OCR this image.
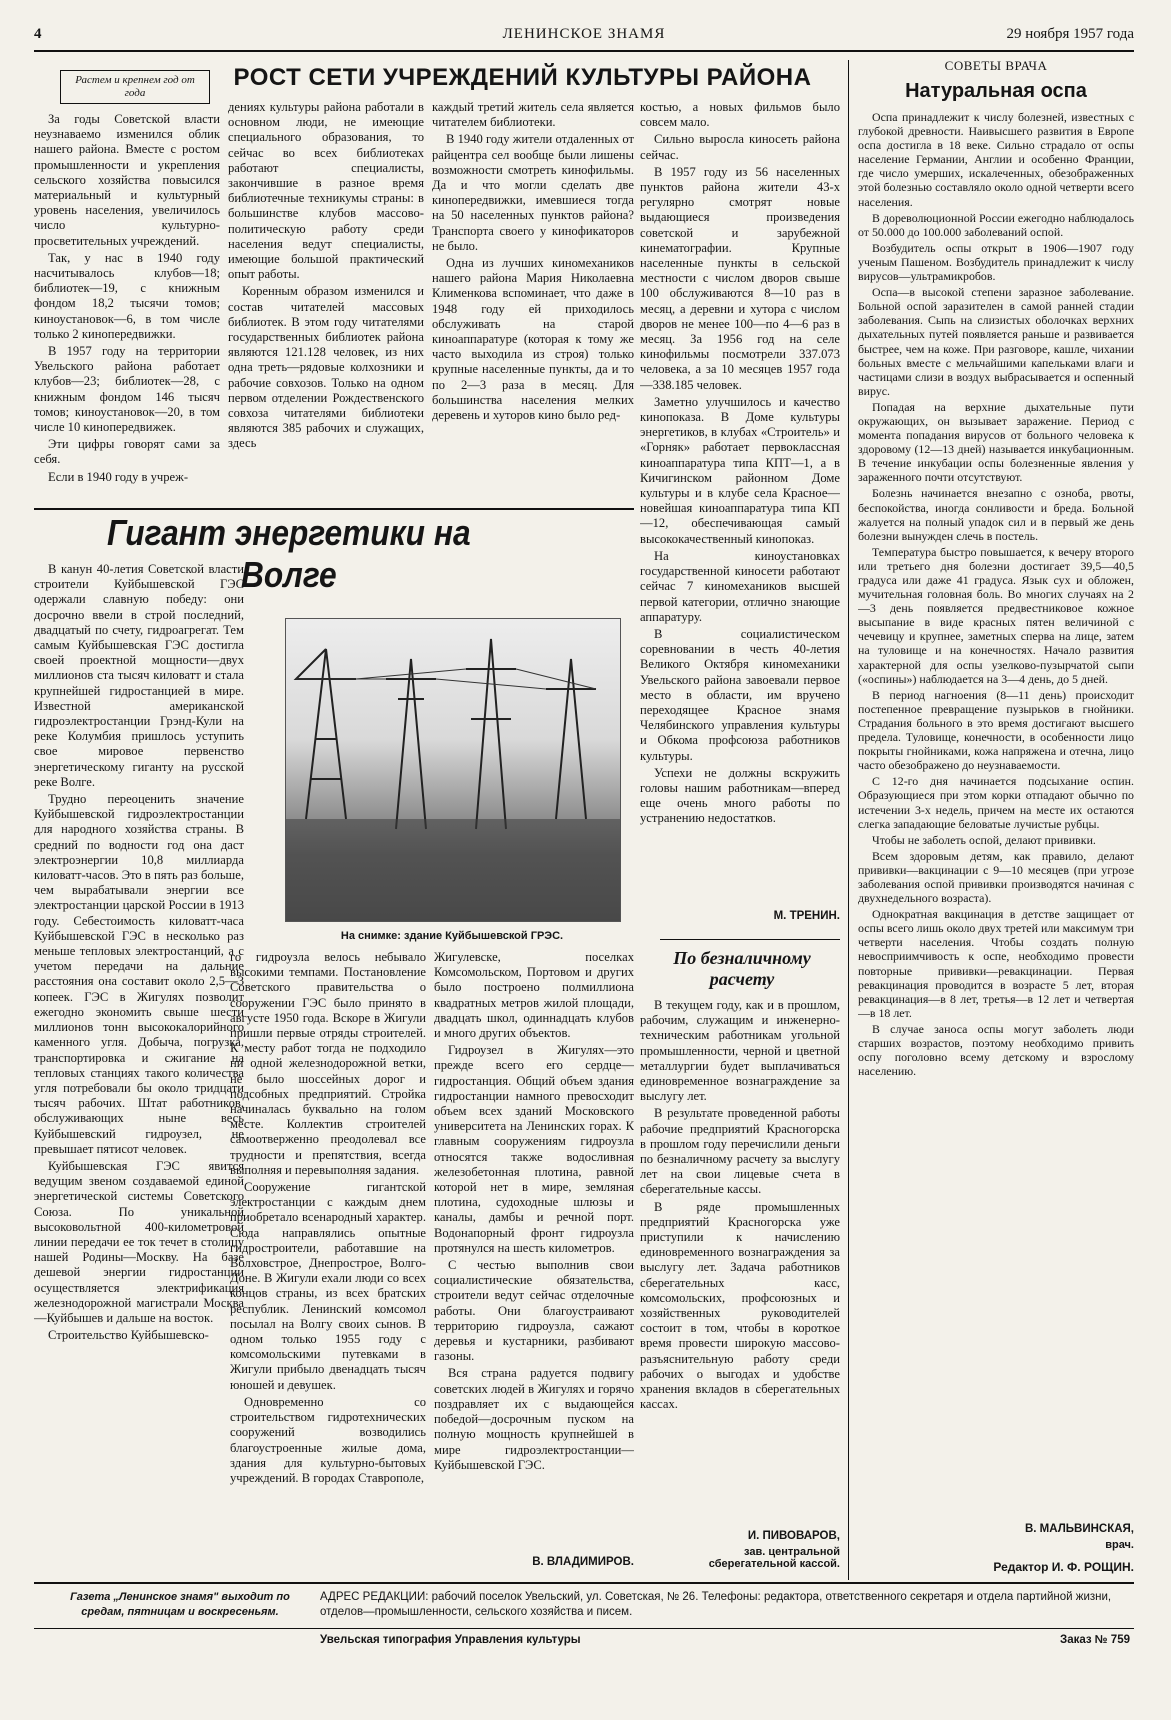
4	ЛЕНИНСКОЕ ЗНАМЯ	29 ноября 1957 года
Растем и крепнем год от года
РОСТ СЕТИ УЧРЕЖДЕНИЙ КУЛЬТУРЫ РАЙОНА

За годы Советской власти неузнаваемо изменился облик нашего района. Вместе с ростом промышленности и укрепления сельского хозяйства повысился материальный и культурный уровень населения, увеличилось число культурно-просветительных учреждений.

Так, у нас в 1940 году насчитывалось клубов—18; библиотек—19, с книжным фондом 18,2 тысячи томов; киноустановок—6, в том числе только 2 кинопередвижки.

В 1957 году на территории Увельского района работает клубов—23; библиотек—28, с книжным фондом 146 тысяч томов; киноустановок—20, в том числе 10 кинопередвижек.

Эти цифры говорят сами за себя.

Если в 1940 году в учреж-

дениях культуры района работали в основном люди, не имеющие специального образования, то сейчас во всех библиотеках работают специалисты, закончившие в разное время библиотечные техникумы страны: в большинстве клубов массово-политическую работу среди населения ведут специалисты, имеющие большой практический опыт работы.

Коренным образом изменился и состав читателей массовых библиотек. В этом году читателями государственных библиотек района являются 121.128 человек, из них одна треть—рядовые колхозники и рабочие совхозов. Только на одном первом отделении Рождественского совхоза читателями библиотеки являются 385 рабочих и служащих, здесь

каждый третий житель села является читателем библиотеки.

В 1940 году жители отдаленных от райцентра сел вообще были лишены возможности смотреть кинофильмы. Да и что могли сделать две кинопередвижки, имевшиеся тогда на 50 населенных пунктов района? Транспорта своего у кинофикаторов не было.

Одна из лучших киномехаников нашего района Мария Николаевна Клименкова вспоминает, что даже в 1948 году ей приходилось обслуживать на старой киноаппаратуре (которая к тому же часто выходила из строя) только крупные населенные пункты, да и то по 2—3 раза в месяц. Для большинства населения мелких деревень и хуторов кино было ред-

костью, а новых фильмов было совсем мало.

Сильно выросла киносеть района сейчас.

В 1957 году из 56 населенных пунктов района жители 43-х регулярно смотрят новые выдающиеся произведения советской и зарубежной кинематографии. Крупные населенные пункты в сельской местности с числом дворов свыше 100 обслуживаются 8—10 раз в месяц, а деревни и хутора с числом дворов не менее 100—по 4—6 раз в месяц. За 1956 год на селе кинофильмы посмотрели 337.073 человека, а за 10 месяцев 1957 года—338.185 человек.

Заметно улучшилось и качество кинопоказа. В Доме культуры энергетиков, в клубах «Строитель» и «Горняк» работает первоклассная киноаппаратура типа КПТ—1, а в Кичигинском районном Доме культуры и в клубе села Красное—новейшая киноаппаратура типа КП—12, обеспечивающая самый высококачественный кинопоказ.

На киноустановках государственной киносети работают сейчас 7 киномехаников высшей первой категории, отлично знающие аппаратуру.

В социалистическом соревновании в честь 40-летия Великого Октября киномеханики Увельского района завоевали первое место в области, им вручено переходящее Красное знамя Челябинского управления культуры и Обкома профсоюза работников культуры.

Успехи не должны вскружить головы нашим работникам—вперед еще очень много работы по устранению недостатков.

М. ТРЕНИН.
Гигант энергетики на Волге
На снимке: здание Куйбышевской ГРЭС.

В канун 40-летия Советской власти строители Куйбышевской ГЭС одержали славную победу: они досрочно ввели в строй последний, двадцатый по счету, гидроагрегат. Тем самым Куйбышевская ГЭС достигла своей проектной мощности—двух миллионов ста тысяч киловатт и стала крупнейшей гидростанцией в мире. Известной американской гидроэлектростанции Грэнд-Кули на реке Колумбия пришлось уступить свое мировое первенство энергетическому гиганту на русской реке Волге.

Трудно переоценить значение Куйбышевской гидроэлектростанции для народного хозяйства страны. В средний по водности год она даст электроэнергии 10,8 миллиарда киловатт-часов. Это в пять раз больше, чем вырабатывали энергии все электростанции царской России в 1913 году. Себестоимость киловатт-часа Куйбышевской ГЭС в несколько раз меньше тепловых электростанций, а с учетом передачи на дальние расстояния она составит около 2,5—3 копеек. ГЭС в Жигулях позволит ежегодно экономить свыше шести миллионов тонн высококалорийного каменного угля. Добыча, погрузка, транспортировка и сжигание на тепловых станциях такого количества угля потребовали бы около тридцати тысяч рабочих. Штат работников, обслуживающих ныне весь Куйбышевский гидроузел, не превышает пятисот человек.

Куйбышевская ГЭС явится ведущим звеном создаваемой единой энергетической системы Советского Союза. По уникальной высоковольтной 400-километровой линии передачи ее ток течет в столицу нашей Родины—Москву. На базе дешевой энергии гидростанции осуществляется электрификация железнодорожной магистрали Москва—Куйбышев и дальше на восток.

Строительство Куйбышевско-

го гидроузла велось небывало высокими темпами. Постановление Советского правительства о сооружении ГЭС было принято в августе 1950 года. Вскоре в Жигули пришли первые отряды строителей. К месту работ тогда не подходило ни одной железнодорожной ветки, не было шоссейных дорог и подсобных предприятий. Стройка начиналась буквально на голом месте. Коллектив строителей самоотверженно преодолевал все трудности и препятствия, всегда выполняя и перевыполняя задания.

Сооружение гигантской электростанции с каждым днем приобретало всенародный характер. Сюда направлялись опытные гидростроители, работавшие на Волховстрое, Днепрострое, Волго-Доне. В Жигули ехали люди со всех концов страны, из всех братских республик. Ленинский комсомол посылал на Волгу своих сынов. В одном только 1955 году с комсомольскими путевками в Жигули прибыло двенадцать тысяч юношей и девушек.

Одновременно со строительством гидротехнических сооружений возводились благоустроенные жилые дома, здания для культурно-бытовых учреждений. В городах Ставрополе,

Жигулевске, поселках Комсомольском, Портовом и других было построено полмиллиона квадратных метров жилой площади, двадцать школ, одиннадцать клубов и много других объектов.

Гидроузел в Жигулях—это прежде всего его сердце—гидростанция. Общий объем здания гидростанции намного превосходит объем всех зданий Московского университета на Ленинских горах. К главным сооружениям гидроузла относятся также водосливная железобетонная плотина, равной которой нет в мире, земляная плотина, судоходные шлюзы и каналы, дамбы и речной порт. Водонапорный фронт гидроузла протянулся на шесть километров.

С честью выполнив свои социалистические обязательства, строители ведут сейчас отделочные работы. Они благоустраивают территорию гидроузла, сажают деревья и кустарники, разбивают газоны.

Вся страна радуется подвигу советских людей в Жигулях и горячо поздравляет их с выдающейся победой—досрочным пуском на полную мощность крупнейшей в мире гидроэлектростанции—Куйбышевской ГЭС.

В. ВЛАДИМИРОВ.
По безналичному расчету

В текущем году, как и в прошлом, рабочим, служащим и инженерно-техническим работникам угольной промышленности, черной и цветной металлургии будет выплачиваться единовременное вознаграждение за выслугу лет.

В результате проведенной работы рабочие предприятий Красногорска в прошлом году перечислили деньги по безналичному расчету за выслугу лет на свои лицевые счета в сберегательные кассы.

В ряде промышленных предприятий Красногорска уже приступили к начислению единовременного вознаграждения за выслугу лет. Задача работников сберегательных касс, комсомольских, профсоюзных и хозяйственных руководителей состоит в том, чтобы в короткое время провести широкую массово-разъяснительную работу среди рабочих о выгодах и удобстве хранения вкладов в сберегательных кассах.

И. ПИВОВАРОВ,
зав. центральной сберегательной кассой.
СОВЕТЫ ВРАЧА
Натуральная оспа

Оспа принадлежит к числу болезней, известных с глубокой древности. Наивысшего развития в Европе оспа достигла в 18 веке. Сильно страдало от оспы население Германии, Англии и особенно Франции, где число умерших, искалеченных, обезображенных этой болезнью составляло около одной четверти всего населения.

В дореволюционной России ежегодно наблюдалось от 50.000 до 100.000 заболеваний оспой.

Возбудитель оспы открыт в 1906—1907 году ученым Пашеном. Возбудитель принадлежит к числу вирусов—ультрамикробов.

Оспа—в высокой степени заразное заболевание. Больной оспой заразителен в самой ранней стадии заболевания. Сыпь на слизистых оболочках верхних дыхательных путей появляется раньше и развивается быстрее, чем на коже. При разговоре, кашле, чихании больных вместе с мельчайшими капельками влаги и частицами слизи в воздух выбрасывается и оспенный вирус.

Попадая на верхние дыхательные пути окружающих, он вызывает заражение. Период с момента попадания вирусов от больного человека к здоровому (12—13 дней) называется инкубационным. В течение инкубации оспы болезненные явления у зараженного почти отсутствуют.

Болезнь начинается внезапно с озноба, рвоты, беспокойства, иногда сонливости и бреда. Больной жалуется на полный упадок сил и в первый же день болезни вынужден слечь в постель.

Температура быстро повышается, к вечеру второго или третьего дня болезни достигает 39,5—40,5 градуса или даже 41 градуса. Язык сух и обложен, мучительная головная боль. Во многих случаях на 2—3 день появляется предвестниковое кожное высыпание в виде красных пятен величиной с чечевицу и крупнее, заметных сперва на лице, затем на туловище и на конечностях. Начало развития характерной для оспы узелково-пузырчатой сыпи («оспины») наблюдается на 3—4 день, до 5 дней.

В период нагноения (8—11 день) происходит постепенное превращение пузырьков в гнойники. Страдания больного в это время достигают высшего предела. Туловище, конечности, в особенности лицо покрыты гнойниками, кожа напряжена и отечна, лицо часто обезображено до неузнаваемости.

С 12-го дня начинается подсыхание оспин. Образующиеся при этом корки отпадают обычно по истечении 3-х недель, причем на месте их остаются слегка западающие беловатые лучистые рубцы.

Чтобы не заболеть оспой, делают прививки.

Всем здоровым детям, как правило, делают прививки—вакцинации с 9—10 месяцев (при угрозе заболевания оспой прививки производятся начиная с двухнедельного возраста).

Однократная вакцинация в детстве защищает от оспы всего лишь около двух третей или максимум три четверти населения. Чтобы создать полную невосприимчивость к оспе, необходимо провести повторные прививки—ревакцинации. Первая ревакцинация проводится в возрасте 5 лет, вторая ревакцинация—в 8 лет, третья—в 12 лет и четвертая—в 18 лет.

В случае заноса оспы могут заболеть люди старших возрастов, поэтому необходимо привить оспу поголовно всему детскому и взрослому населению.

В. МАЛЬВИНСКАЯ,
врач.
Редактор И. Ф. РОЩИН.
Газета „Ленинское знамя" выходит по средам, пятницам и воскресеньям.
АДРЕС РЕДАКЦИИ: рабочий поселок Увельский, ул. Советская, № 26. Телефоны: редактора, ответственного секретаря и отдела партийной жизни, отделов—промышленности, сельского хозяйства и писем.
Увельская типография Управления культуры	Заказ № 759
